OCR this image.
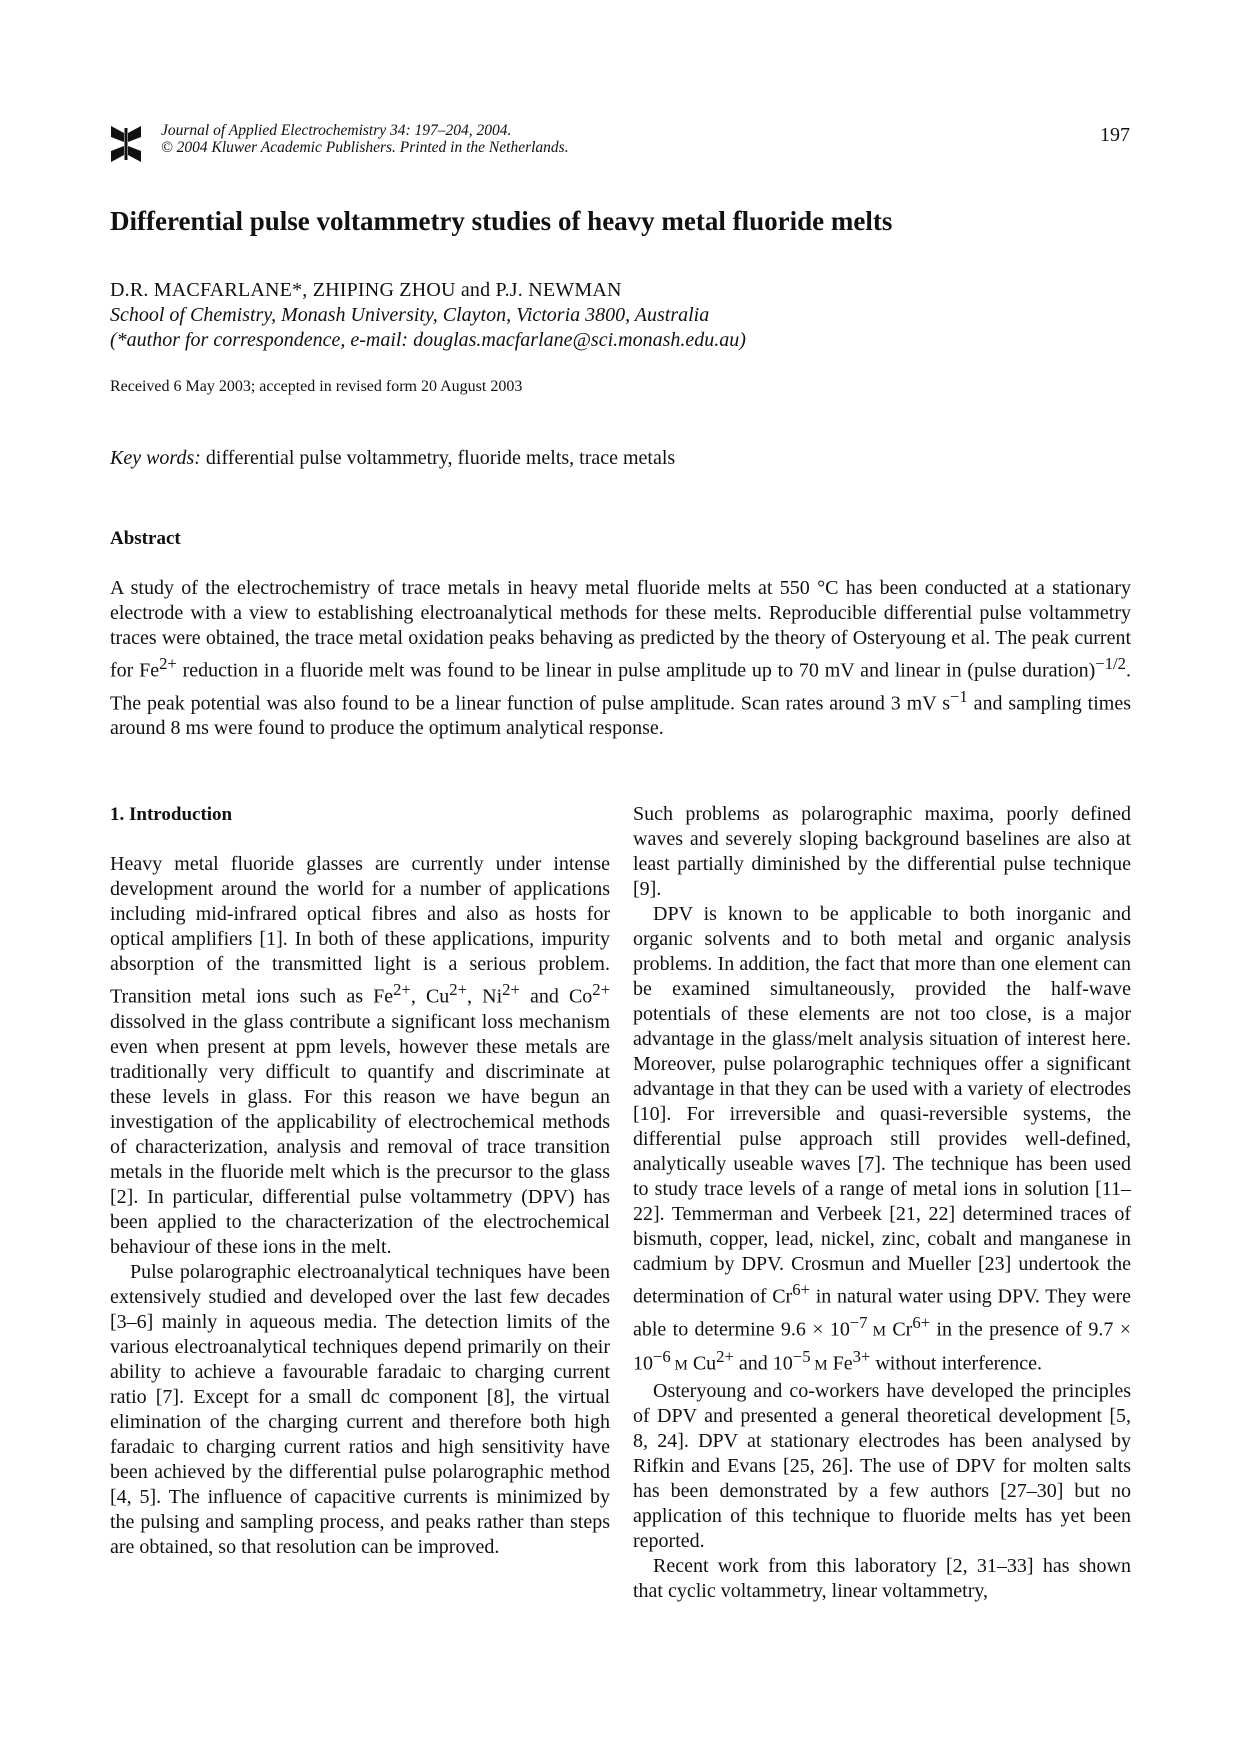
Journal of Applied Electrochemistry 34: 197–204, 2004.
© 2004 Kluwer Academic Publishers. Printed in the Netherlands.
197
Differential pulse voltammetry studies of heavy metal fluoride melts
D.R. MACFARLANE*, ZHIPING ZHOU and P.J. NEWMAN
School of Chemistry, Monash University, Clayton, Victoria 3800, Australia
(*author for correspondence, e-mail: douglas.macfarlane@sci.monash.edu.au)
Received 6 May 2003; accepted in revised form 20 August 2003
Key words: differential pulse voltammetry, fluoride melts, trace metals
Abstract
A study of the electrochemistry of trace metals in heavy metal fluoride melts at 550 °C has been conducted at a stationary electrode with a view to establishing electroanalytical methods for these melts. Reproducible differential pulse voltammetry traces were obtained, the trace metal oxidation peaks behaving as predicted by the theory of Osteryoung et al. The peak current for $Fe^{2+}$ reduction in a fluoride melt was found to be linear in pulse amplitude up to 70 mV and linear in (pulse duration)$^{-1/2}$. The peak potential was also found to be a linear function of pulse amplitude. Scan rates around 3 mV $s^{-1}$ and sampling times around 8 ms were found to produce the optimum analytical response.
1. Introduction

Heavy metal fluoride glasses are currently under intense development around the world for a number of applications including mid-infrared optical fibres and also as hosts for optical amplifiers [1]. In both of these applications, impurity absorption of the transmitted light is a serious problem. Transition metal ions such as $Fe^{2+}$, $Cu^{2+}$, $Ni^{2+}$ and $Co^{2+}$ dissolved in the glass contribute a significant loss mechanism even when present at ppm levels, however these metals are traditionally very difficult to quantify and discriminate at these levels in glass. For this reason we have begun an investigation of the applicability of electrochemical methods of characterization, analysis and removal of trace transition metals in the fluoride melt which is the precursor to the glass [2]. In particular, differential pulse voltammetry (DPV) has been applied to the characterization of the electrochemical behaviour of these ions in the melt.

Pulse polarographic electroanalytical techniques have been extensively studied and developed over the last few decades [3–6] mainly in aqueous media. The detection limits of the various electroanalytical techniques depend primarily on their ability to achieve a favourable faradaic to charging current ratio [7]. Except for a small dc component [8], the virtual elimination of the charging current and therefore both high faradaic to charging current ratios and high sensitivity have been achieved by the differential pulse polarographic method [4, 5]. The influence of capacitive currents is minimized by the pulsing and sampling process, and peaks rather than steps are obtained, so that resolution can be improved.

Such problems as polarographic maxima, poorly defined waves and severely sloping background baselines are also at least partially diminished by the differential pulse technique [9].

DPV is known to be applicable to both inorganic and organic solvents and to both metal and organic analysis problems. In addition, the fact that more than one element can be examined simultaneously, provided the half-wave potentials of these elements are not too close, is a major advantage in the glass/melt analysis situation of interest here. Moreover, pulse polarographic techniques offer a significant advantage in that they can be used with a variety of electrodes [10]. For irreversible and quasi-reversible systems, the differential pulse approach still provides well-defined, analytically useable waves [7]. The technique has been used to study trace levels of a range of metal ions in solution [11–22]. Temmerman and Verbeek [21, 22] determined traces of bismuth, copper, lead, nickel, zinc, cobalt and manganese in cadmium by DPV. Crosmun and Mueller [23] undertook the determination of $Cr^{6+}$ in natural water using DPV. They were able to determine $9.6 \times 10^{-7}$ M $Cr^{6+}$ in the presence of $9.7 \times 10^{-6}$ M $Cu^{2+}$ and $10^{-5}$ M $Fe^{3+}$ without interference.

Osteryoung and co-workers have developed the principles of DPV and presented a general theoretical development [5, 8, 24]. DPV at stationary electrodes has been analysed by Rifkin and Evans [25, 26]. The use of DPV for molten salts has been demonstrated by a few authors [27–30] but no application of this technique to fluoride melts has yet been reported.

Recent work from this laboratory [2, 31–33] has shown that cyclic voltammetry, linear voltammetry,
